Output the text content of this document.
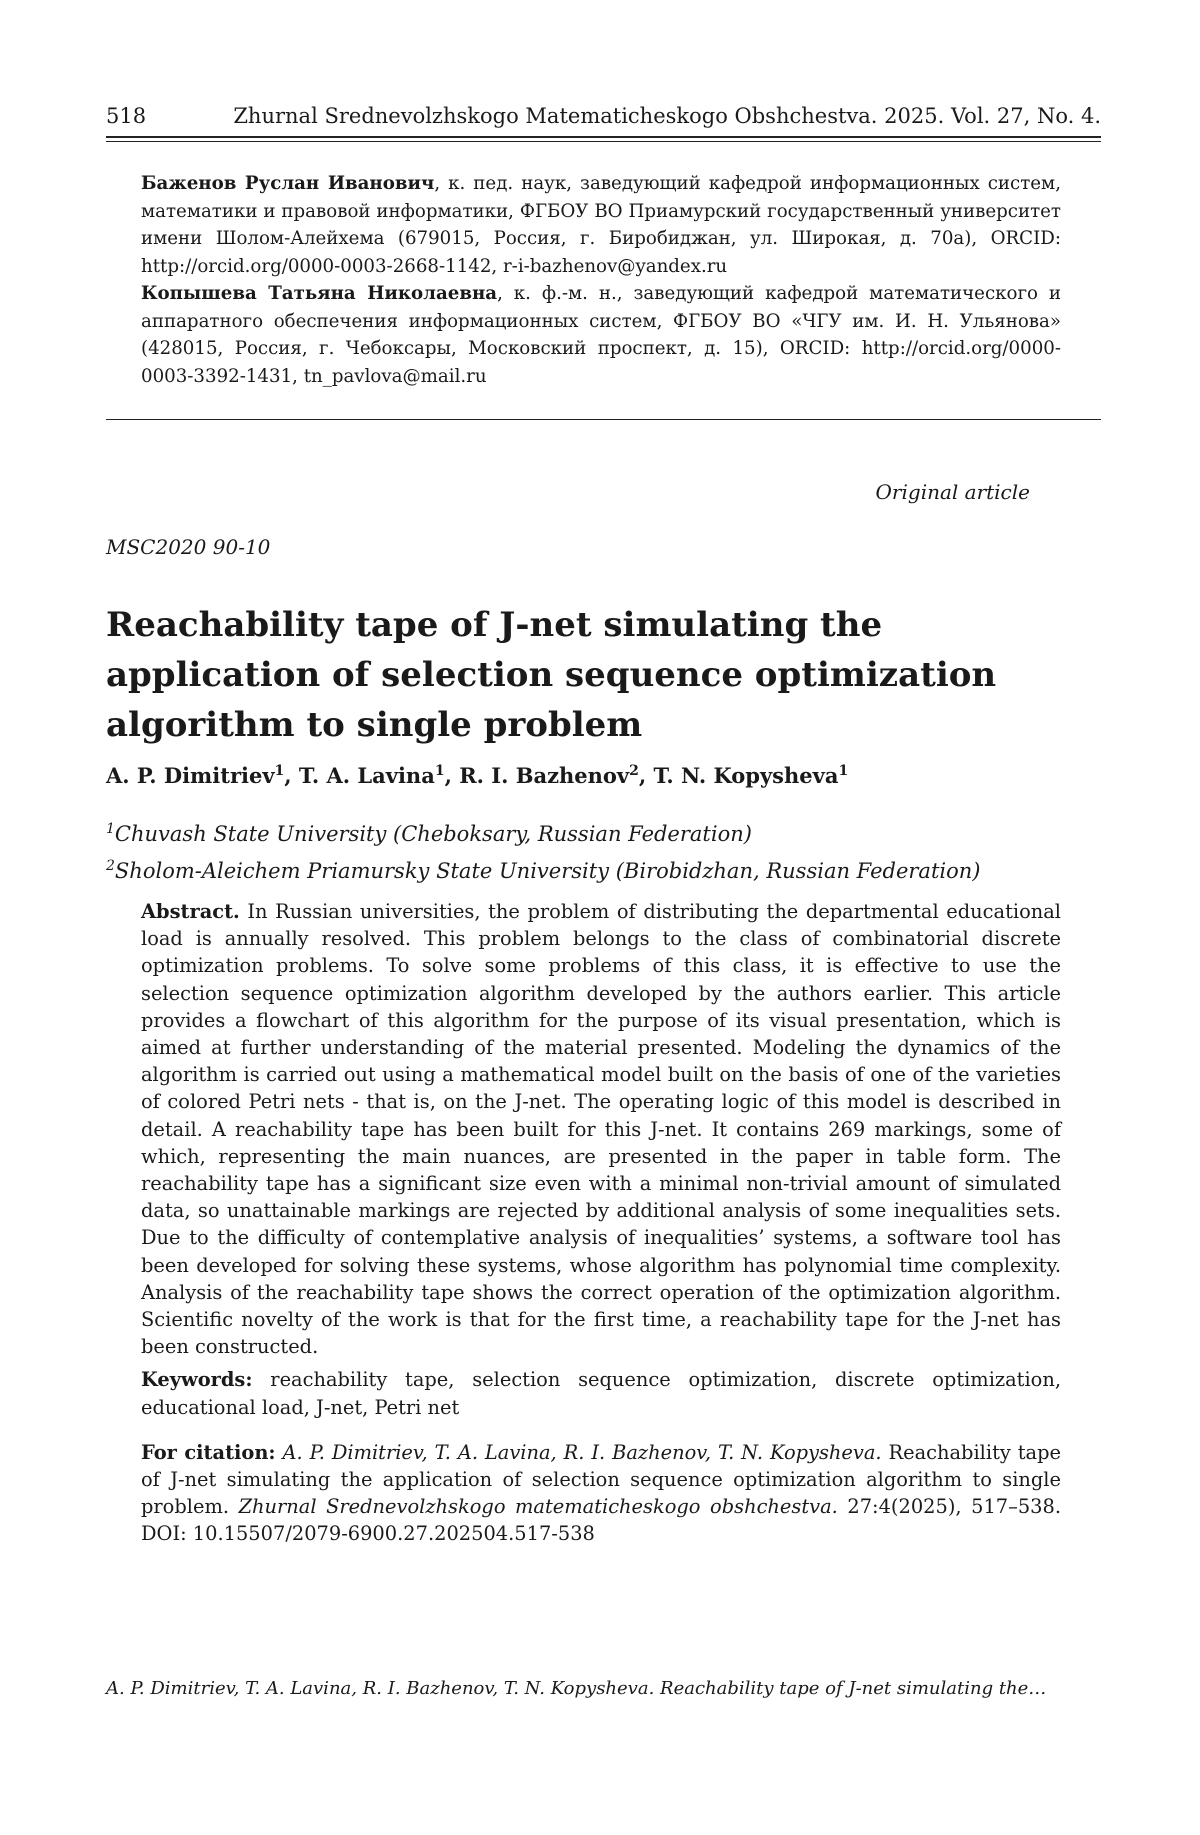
518	Zhurnal Srednevolzhskogo Matematicheskogo Obshchestva. 2025. Vol. 27, No. 4.

Баженов Руслан Иванович, к. пед. наук, заведующий кафедрой информационных систем, математики и правовой информатики, ФГБОУ ВО Приамурский государственный университет имени Шолом-Алейхема (679015, Россия, г. Биробиджан, ул. Широкая, д. 70а), ORCID: http://orcid.org/0000-0003-2668-1142, r-i-bazhenov@yandex.ru

Копышева Татьяна Николаевна, к. ф.-м. н., заведующий кафедрой математического и аппаратного обеспечения информационных систем, ФГБОУ ВО «ЧГУ им. И. Н. Ульянова» (428015, Россия, г. Чебоксары, Московский проспект, д. 15), ORCID: http://orcid.org/0000-0003-3392-1431, tn_pavlova@mail.ru

Original article
MSC2020 90-10
Reachability tape of J-net simulating the application of selection sequence optimization algorithm to single problem
A. P. Dimitriev$^1$, T. A. Lavina$^1$, R. I. Bazhenov$^2$, T. N. Kopysheva$^1$
$^1$Chuvash State University (Cheboksary, Russian Federation)
$^2$Sholom-Aleichem Priamursky State University (Birobidzhan, Russian Federation)

Abstract. In Russian universities, the problem of distributing the departmental educational load is annually resolved. This problem belongs to the class of combinatorial discrete optimization problems. To solve some problems of this class, it is effective to use the selection sequence optimization algorithm developed by the authors earlier. This article provides a flowchart of this algorithm for the purpose of its visual presentation, which is aimed at further understanding of the material presented. Modeling the dynamics of the algorithm is carried out using a mathematical model built on the basis of one of the varieties of colored Petri nets - that is, on the J-net. The operating logic of this model is described in detail. A reachability tape has been built for this J-net. It contains 269 markings, some of which, representing the main nuances, are presented in the paper in table form. The reachability tape has a significant size even with a minimal non-trivial amount of simulated data, so unattainable markings are rejected by additional analysis of some inequalities sets. Due to the difficulty of contemplative analysis of inequalities’ systems, a software tool has been developed for solving these systems, whose algorithm has polynomial time complexity. Analysis of the reachability tape shows the correct operation of the optimization algorithm. Scientific novelty of the work is that for the first time, a reachability tape for the J-net has been constructed.

Keywords: reachability tape, selection sequence optimization, discrete optimization, educational load, J-net, Petri net

For citation: A. P. Dimitriev, T. A. Lavina, R. I. Bazhenov, T. N. Kopysheva. Reachability tape of J-net simulating the application of selection sequence optimization algorithm to single problem. Zhurnal Srednevolzhskogo matematicheskogo obshchestva. 27:4(2025), 517–538. DOI: 10.15507/2079-6900.27.202504.517-538

A. P. Dimitriev, T. A. Lavina, R. I. Bazhenov, T. N. Kopysheva. Reachability tape of J-net simulating the…
